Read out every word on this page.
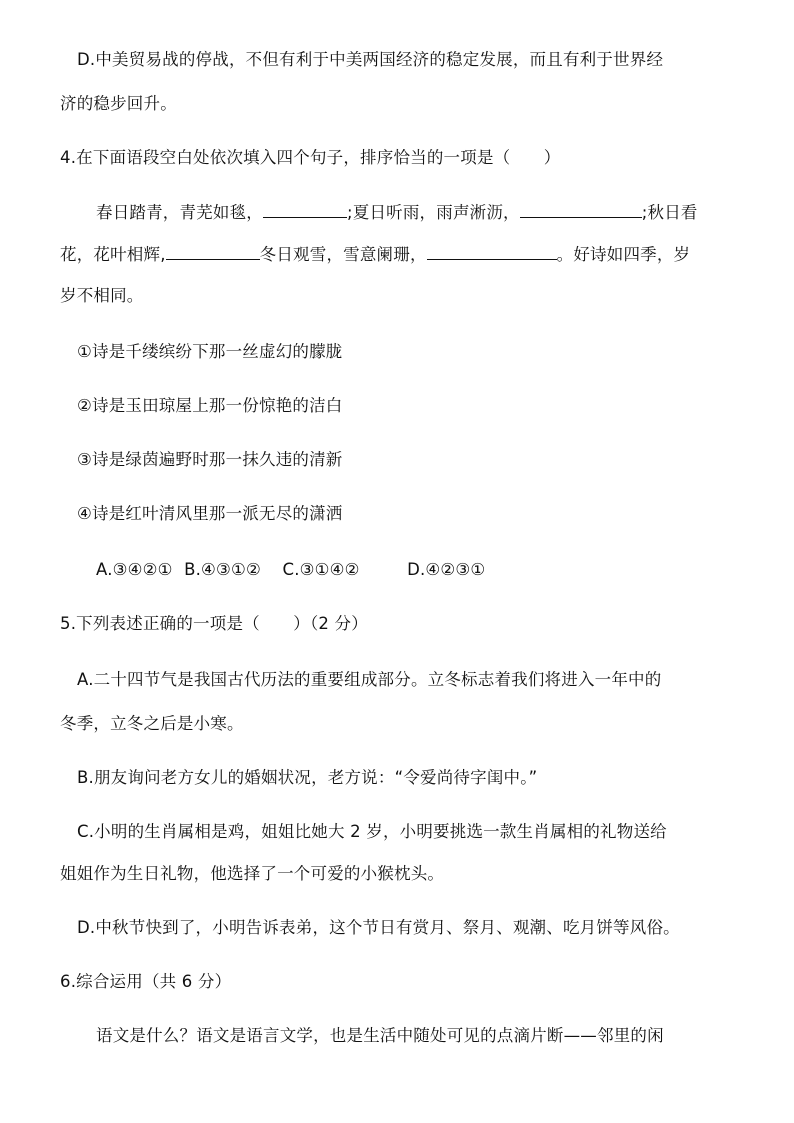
D.中美贸易战的停战，不但有利于中美两国经济的稳定发展，而且有利于世界经
济的稳步回升。
4.在下面语段空白处依次填入四个句子，排序恰当的一项是（　　）
春日踏青，青芜如毯，	;夏日听雨，雨声淅沥，	;秋日看
花，花叶相辉,	冬日观雪，雪意阑珊，	。好诗如四季，岁
岁不相同。
①诗是千缕缤纷下那一丝虚幻的朦胧
②诗是玉田琼屋上那一份惊艳的洁白
③诗是绿茵遍野时那一抹久违的清新
④诗是红叶清风里那一派无尽的潇洒
A.③④②① B.④③①② C.③①④②	D.④②③①
5.下列表述正确的一项是（　　）（2 分）
A.二十四节气是我国古代历法的重要组成部分。立冬标志着我们将进入一年中的
冬季，立冬之后是小寒。
B.朋友询问老方女儿的婚姻状况，老方说：“令爱尚待字闺中。”
C.小明的生肖属相是鸡，姐姐比她大 2 岁，小明要挑选一款生肖属相的礼物送给
姐姐作为生日礼物，他选择了一个可爱的小猴枕头。
D.中秋节快到了，小明告诉表弟，这个节日有赏月、祭月、观潮、吃月饼等风俗。
6.综合运用（共 6 分）
语文是什么？语文是语言文学，也是生活中随处可见的点滴片断——邻里的闲
